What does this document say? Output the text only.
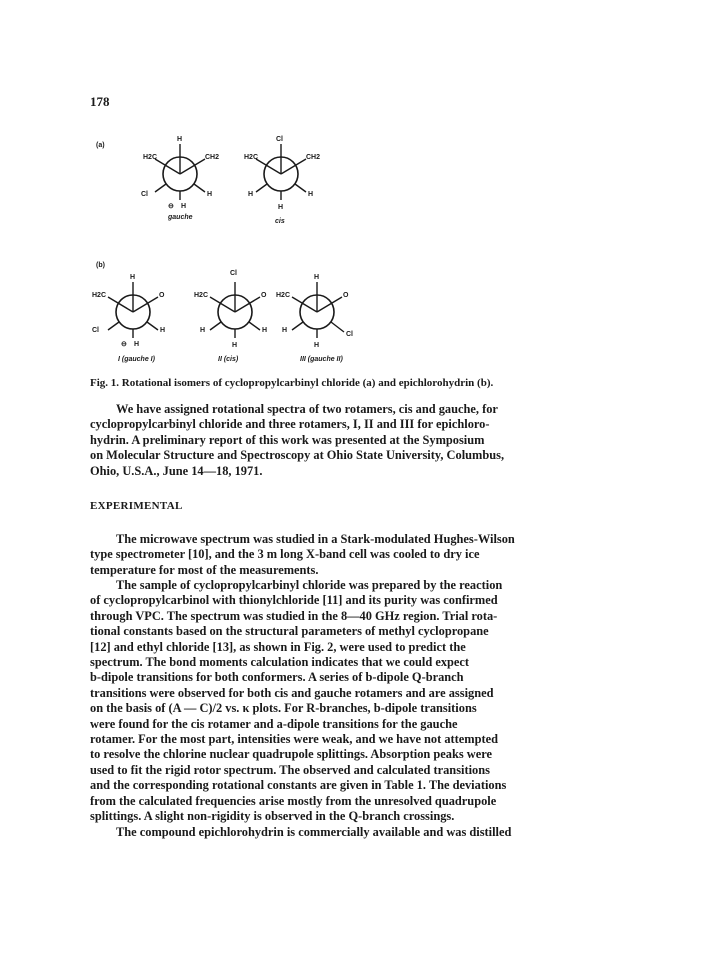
178
(a)
H
H2C	CH2
Cl	H
H
⊖
gauche
Cl
H2C	CH2
H	H
H
cis
(b)
H
H2C	O
Cl	H
H
⊖
I (gauche I)
Cl
H2C	O
H	H
H
II (cis)
H
H2C	O
H
Cl
H
III (gauche II)
Fig. 1. Rotational isomers of cyclopropylcarbinyl chloride (a) and epichlorohydrin (b).
We have assigned rotational spectra of two rotamers, cis and gauche, for
cyclopropylcarbinyl chloride and three rotamers, I, II and III for epichloro-
hydrin. A preliminary report of this work was presented at the Symposium
on Molecular Structure and Spectroscopy at Ohio State University, Columbus,
Ohio, U.S.A., June 14—18, 1971.
EXPERIMENTAL
The microwave spectrum was studied in a Stark-modulated Hughes-Wilson
type spectrometer [10], and the 3 m long X-band cell was cooled to dry ice
temperature for most of the measurements.
The sample of cyclopropylcarbinyl chloride was prepared by the reaction
of cyclopropylcarbinol with thionylchloride [11] and its purity was confirmed
through VPC. The spectrum was studied in the 8—40 GHz region. Trial rota-
tional constants based on the structural parameters of methyl cyclopropane
[12] and ethyl chloride [13], as shown in Fig. 2, were used to predict the
spectrum. The bond moments calculation indicates that we could expect
b-dipole transitions for both conformers. A series of b-dipole Q-branch
transitions were observed for both cis and gauche rotamers and are assigned
on the basis of (A — C)/2 vs. κ plots. For R-branches, b-dipole transitions
were found for the cis rotamer and a-dipole transitions for the gauche
rotamer. For the most part, intensities were weak, and we have not attempted
to resolve the chlorine nuclear quadrupole splittings. Absorption peaks were
used to fit the rigid rotor spectrum. The observed and calculated transitions
and the corresponding rotational constants are given in Table 1. The deviations
from the calculated frequencies arise mostly from the unresolved quadrupole
splittings. A slight non-rigidity is observed in the Q-branch crossings.
The compound epichlorohydrin is commercially available and was distilled
